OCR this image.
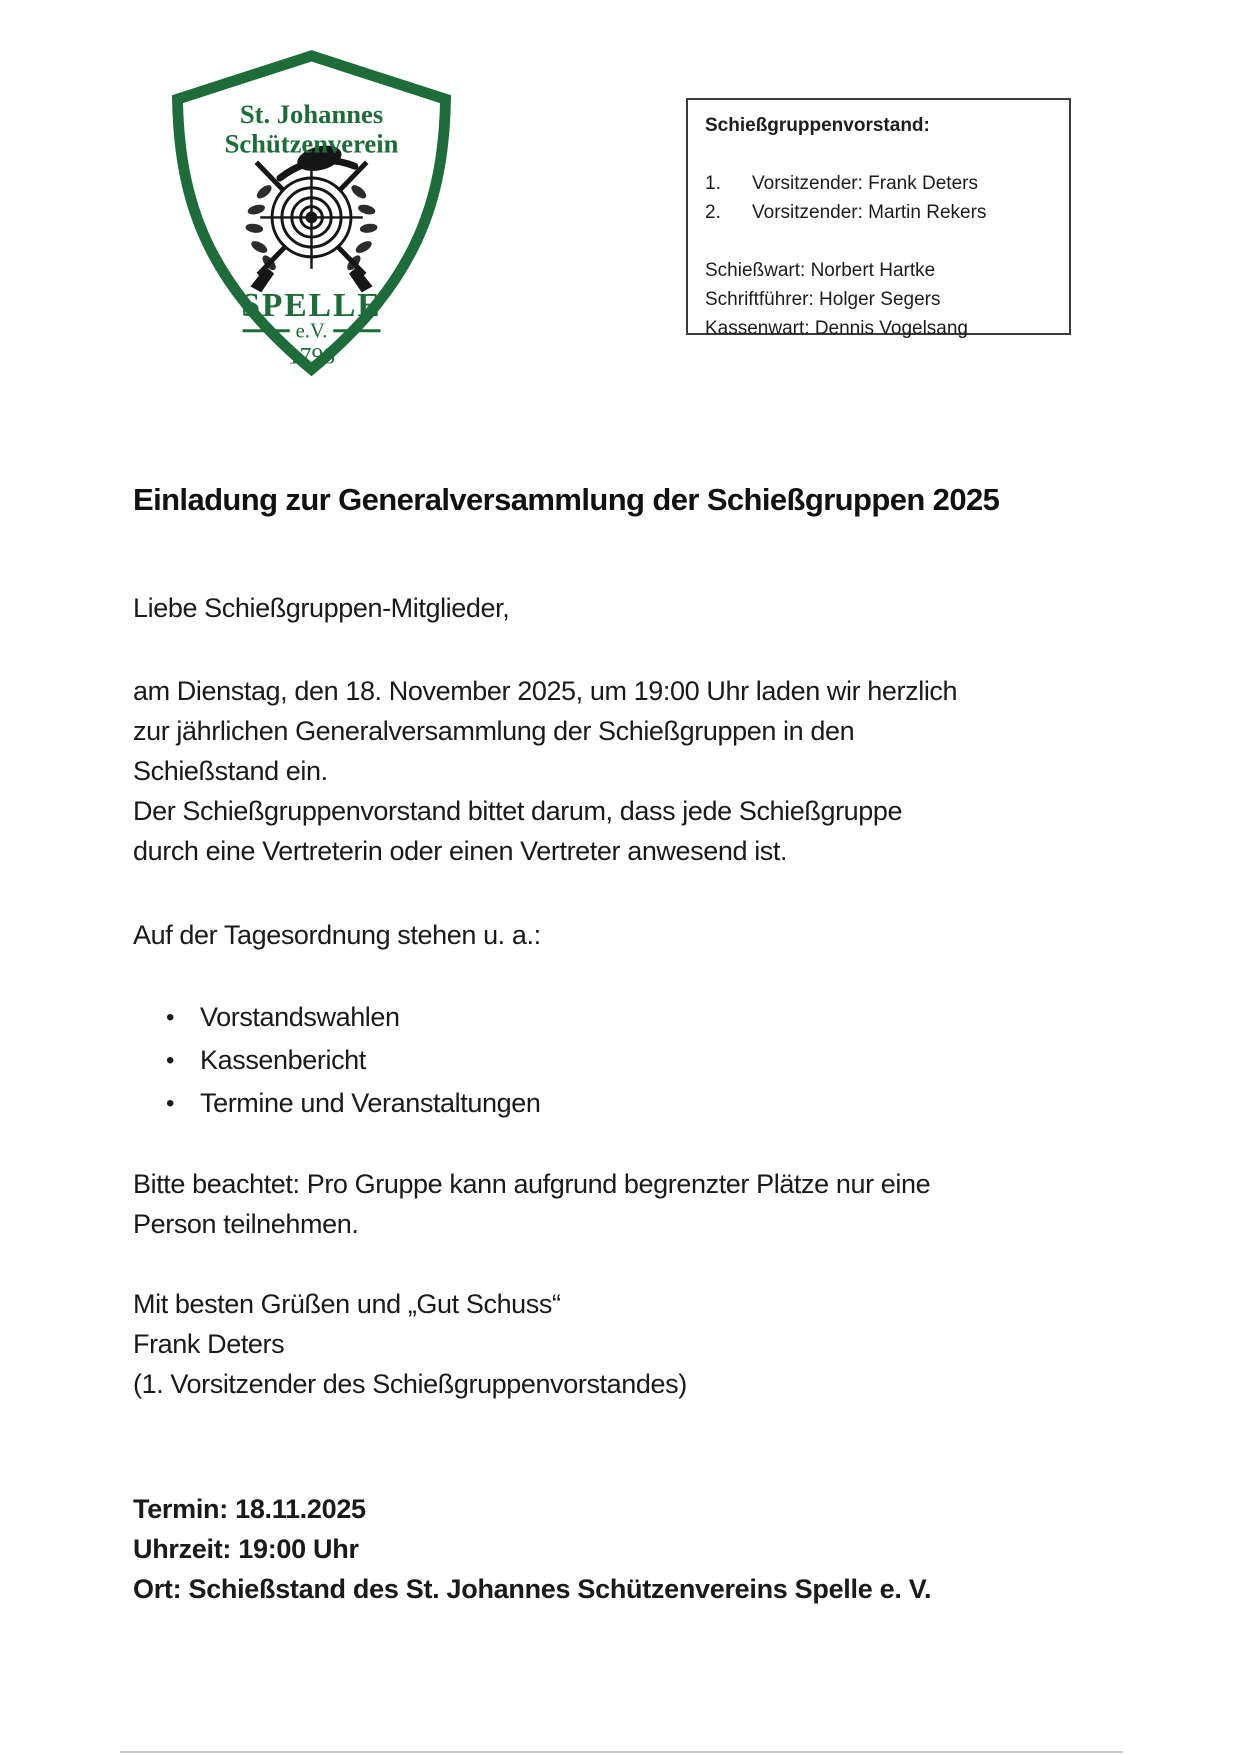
St. Johannes
Schützenverein
SPELLE
e.V.
1798
Schießgruppenvorstand:
1.	Vorsitzender: Frank Deters
2.	Vorsitzender: Martin Rekers
Schießwart: Norbert Hartke
Schriftführer: Holger Segers
Kassenwart: Dennis Vogelsang
Einladung zur Generalversammlung der Schießgruppen 2025
Liebe Schießgruppen-Mitglieder,
am Dienstag, den 18. November 2025, um 19:00 Uhr laden wir herzlich
zur jährlichen Generalversammlung der Schießgruppen in den
Schießstand ein.
Der Schießgruppenvorstand bittet darum, dass jede Schießgruppe
durch eine Vertreterin oder einen Vertreter anwesend ist.
Auf der Tagesordnung stehen u. a.:
• Vorstandswahlen
• Kassenbericht
• Termine und Veranstaltungen
Bitte beachtet: Pro Gruppe kann aufgrund begrenzter Plätze nur eine
Person teilnehmen.
Mit besten Grüßen und „Gut Schuss“
Frank Deters
(1. Vorsitzender des Schießgruppenvorstandes)
Termin: 18.11.2025
Uhrzeit: 19:00 Uhr
Ort: Schießstand des St. Johannes Schützenvereins Spelle e. V.
